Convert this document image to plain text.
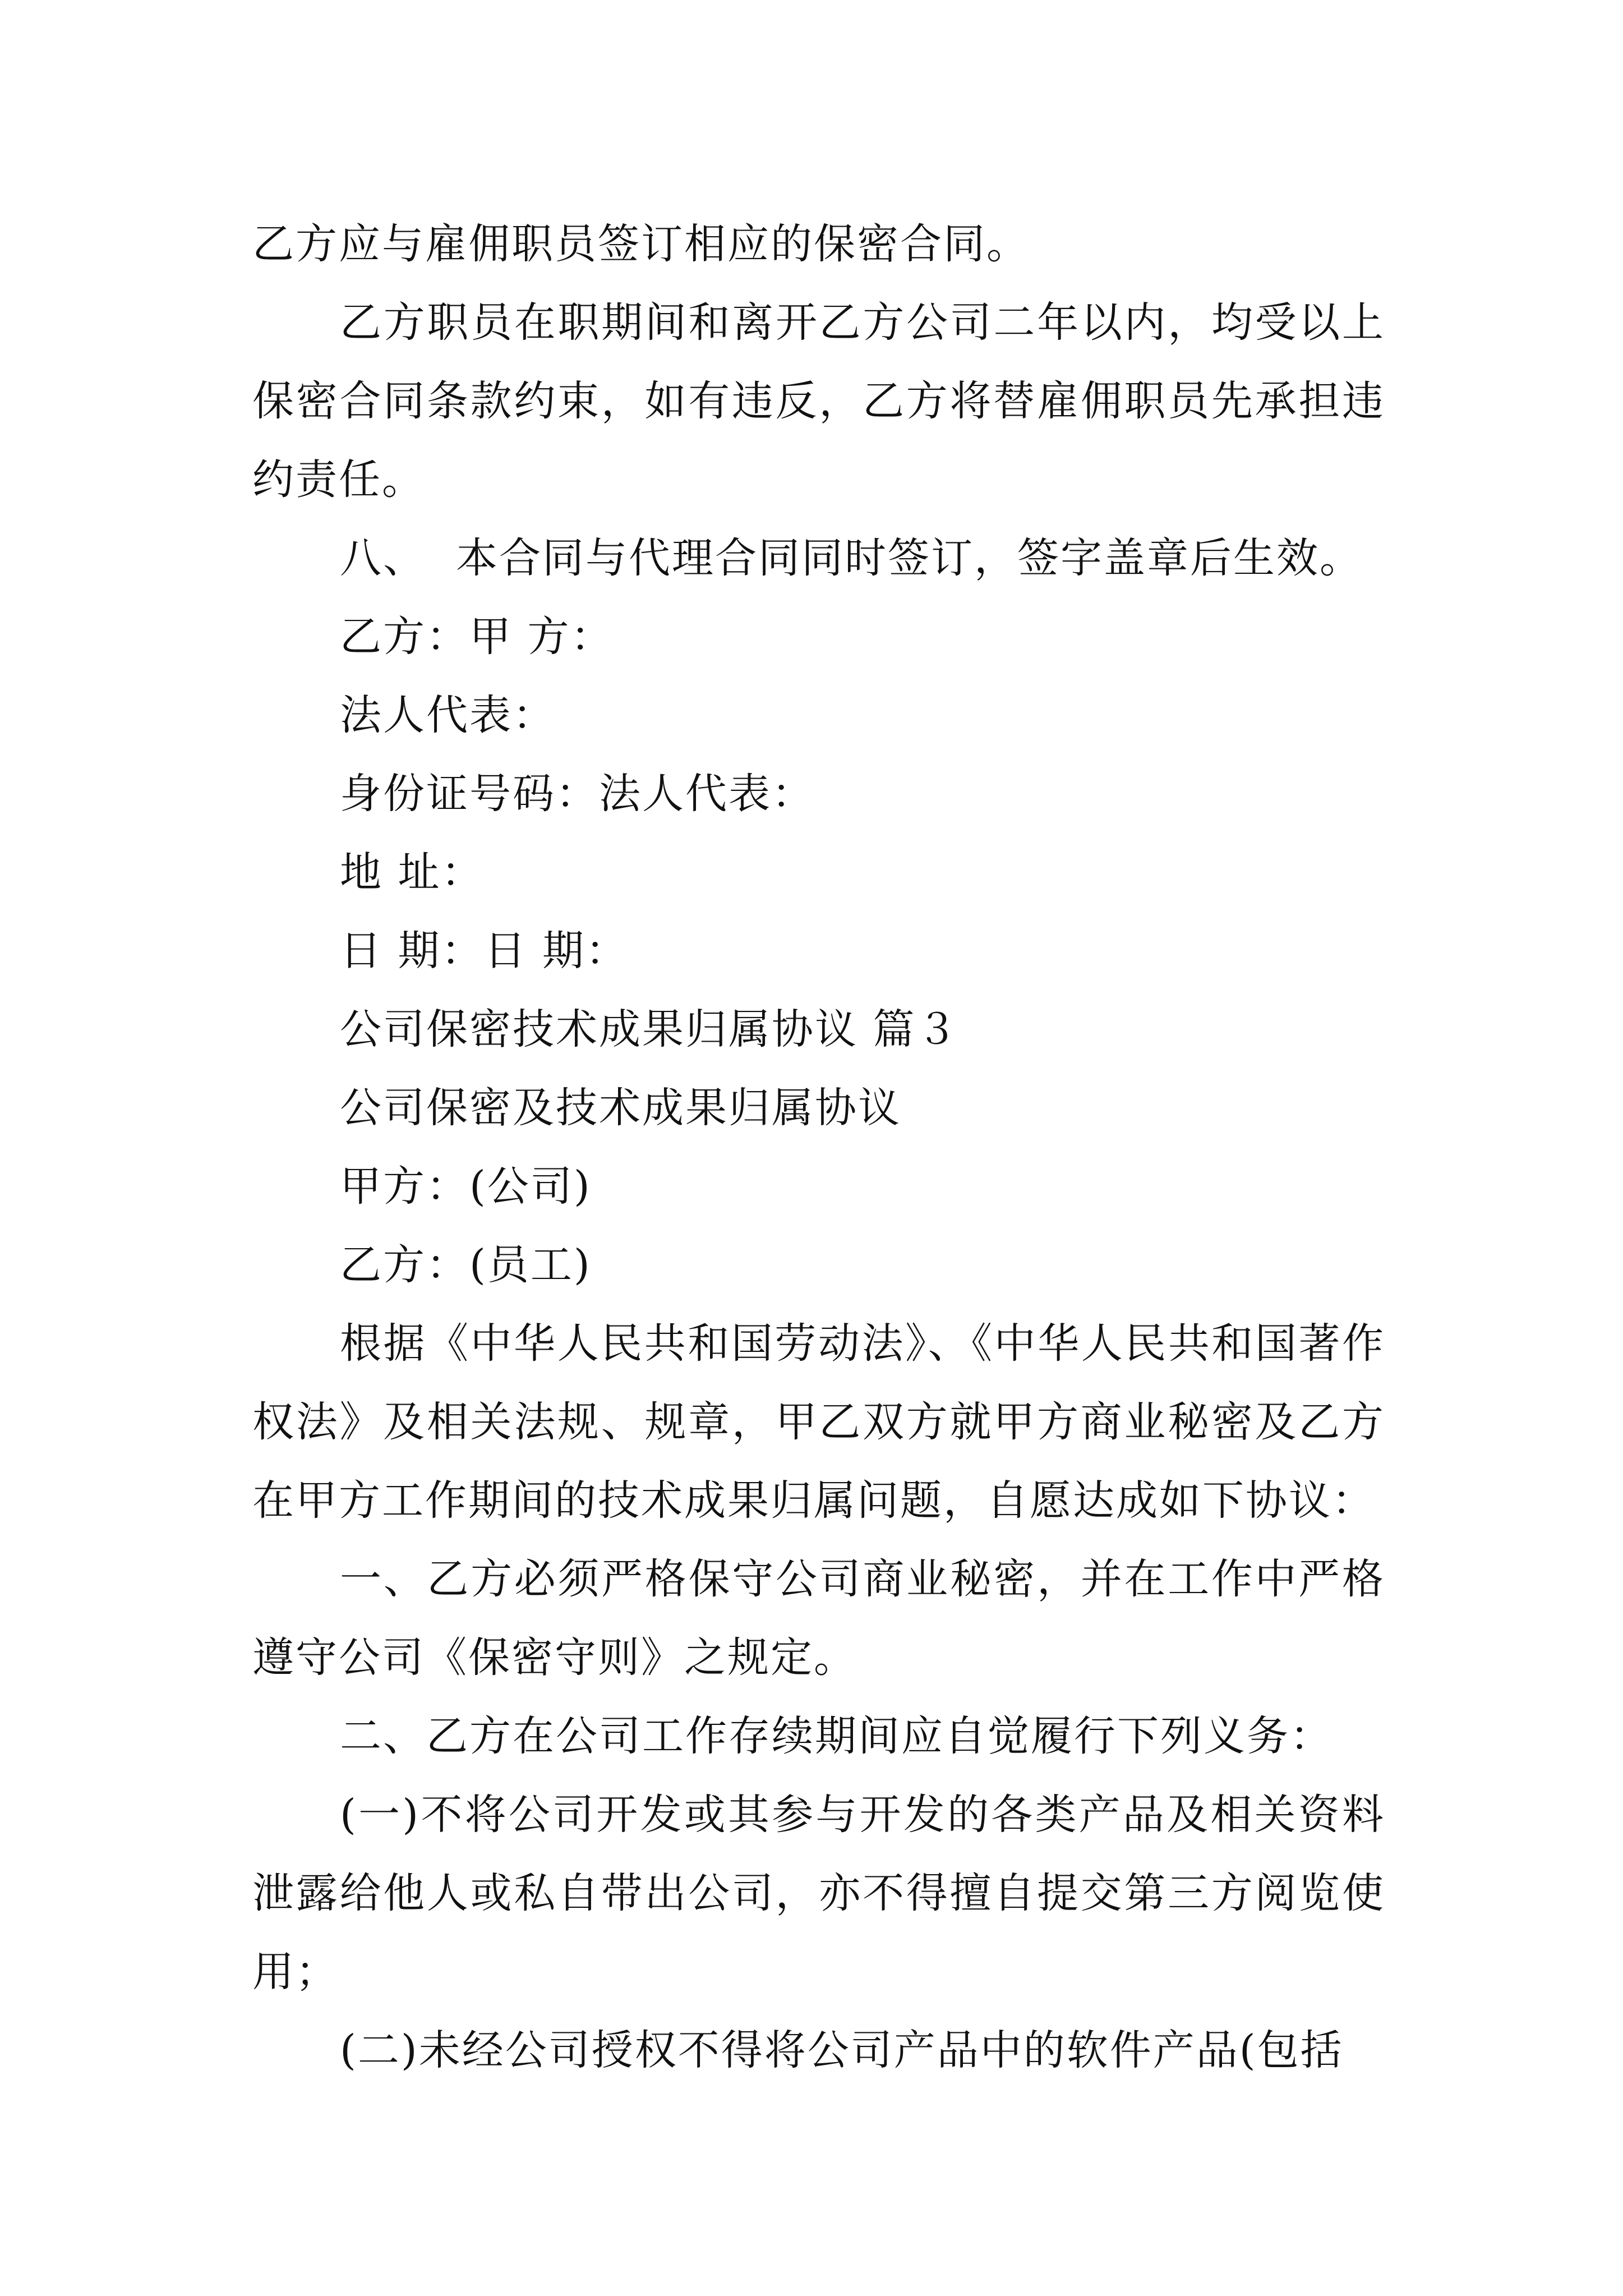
乙方应与雇佣职员签订相应的保密合同。

乙方职员在职期间和离开乙方公司二年以内，均受以上保密合同条款约束，如有违反，乙方将替雇佣职员先承担违约责任。

八、  本合同与代理合同同时签订，签字盖章后生效。

乙方：甲 方：

法人代表：

身份证号码：法人代表：

地 址：

日 期：日 期：

公司保密技术成果归属协议 篇３

公司保密及技术成果归属协议

甲方：(公司)

乙方：(员工)

根据《中华人民共和国劳动法》、《中华人民共和国著作权法》及相关法规、规章，甲乙双方就甲方商业秘密及乙方在甲方工作期间的技术成果归属问题，自愿达成如下协议：

一、乙方必须严格保守公司商业秘密，并在工作中严格遵守公司《保密守则》之规定。

二、乙方在公司工作存续期间应自觉履行下列义务：

(一)不将公司开发或其参与开发的各类产品及相关资料泄露给他人或私自带出公司，亦不得擅自提交第三方阅览使用；

(二)未经公司授权不得将公司产品中的软件产品(包括
